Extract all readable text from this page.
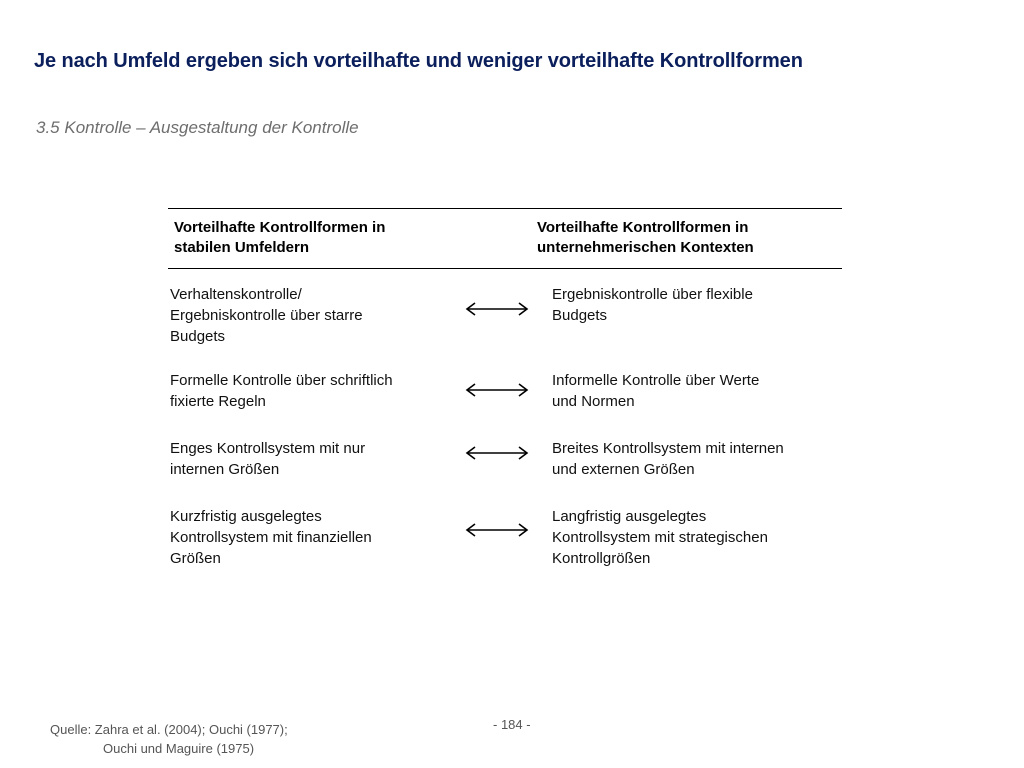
Je nach Umfeld ergeben sich vorteilhafte und weniger vorteilhafte Kontrollformen

3.5 Kontrolle – Ausgestaltung der Kontrolle

Vorteilhafte Kontrollformen in
stabilen Umfeldern
Vorteilhafte Kontrollformen in
unternehmerischen Kontexten
Verhaltenskontrolle/
Ergebniskontrolle über starre
Budgets
Ergebniskontrolle über flexible
Budgets
Formelle Kontrolle über schriftlich
fixierte Regeln
Informelle Kontrolle über Werte
und Normen
Enges Kontrollsystem mit nur
internen Größen
Breites Kontrollsystem mit internen
und externen Größen
Kurzfristig ausgelegtes
Kontrollsystem mit finanziellen
Größen
Langfristig ausgelegtes
Kontrollsystem mit strategischen
Kontrollgrößen
Quelle: Zahra et al. (2004); Ouchi (1977);
Ouchi und Maguire (1975)
- 184 -
